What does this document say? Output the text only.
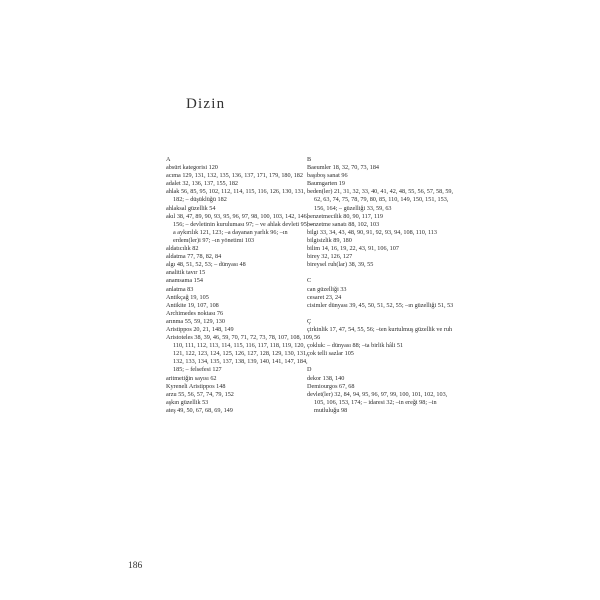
Dizin
A
absürt kategorisi 120
acıma 129, 131, 132, 135, 136, 137, 171, 179, 180, 182
adalet 32, 136, 137, 155, 182
ahlak 56, 85, 95, 102, 112, 114, 115, 116, 126, 130, 131, 182; – düşüklüğü 182
ahlaksal güzellik 54
akıl 38, 47, 89, 90, 93, 95, 96, 97, 98, 100, 103, 142, 146, 156; – devletinin kuruluması 97; – ve ahlak devleti 95; –a aykırılık 121, 123; –a dayanan yarlık 96; –ın erdem(ler)i 97; –ın yönetimi 103
aldatıcılık 82
aldatma 77, 78, 82, 84
algı 48, 51, 52, 53; – dünyası 48
analitik tavır 15
anamsama 154
anlatma 83
Antikçağ 19, 105
Antikite 19, 107, 108
Archimedes noktası 76
arınma 55, 59, 129, 130
Aristippos 20, 21, 148, 149
Aristoteles 38, 39, 46, 59, 70, 71, 72, 73, 78, 107, 108, 109, 110, 111, 112, 113, 114, 115, 116, 117, 118, 119, 120, 121, 122, 123, 124, 125, 126, 127, 128, 129, 130, 131, 132, 133, 134, 135, 137, 138, 139, 140, 141, 147, 184, 185; – felsefesi 127
aritmetiğin sayısı 62
Kyreneli Aristippos 148
arzu 55, 56, 57, 74, 79, 152
aşkın güzellik 53
ateş 49, 50, 67, 68, 69, 149
B
Baeumler 18, 32, 70, 73, 184
başıboş sanat 96
Baumgarten 19
beden(ler) 21, 31, 32, 33, 40, 41, 42, 48, 55, 56, 57, 58, 59, 62, 63, 74, 75, 78, 79, 80, 85, 110, 149, 150, 151, 153, 156, 164; – güzelliği 33, 59, 63
benzetmecilik 80, 90, 117, 119
benzetme sanatı 88, 102, 103
bilgi 33, 34, 43, 48, 90, 91, 92, 93, 94, 108, 110, 113
bilgisizlik 89, 180
bilim 14, 16, 19, 22, 43, 91, 106, 107
birey 32, 126, 127
bireysel ruh(lar) 38, 39, 55
C
can güzelliği 33
cesaret 23, 24
cisimler dünyası 39, 45, 50, 51, 52, 55; –ın güzelliği 51, 53
Ç
çirkinlik 17, 47, 54, 55, 56; –ten kurtulmuş güzellik ve ruh 56
çokluk: – dünyası 88; –ta birlik hâli 51
çok telli sazlar 105
D
dekor 138, 140
Demiourgos 67, 68
devlet(ler) 32, 84, 94, 95, 96, 97, 99, 100, 101, 102, 103, 105, 106, 153, 174; – idaresi 32; –in ereği 98; –in mutluluğu 98
186
